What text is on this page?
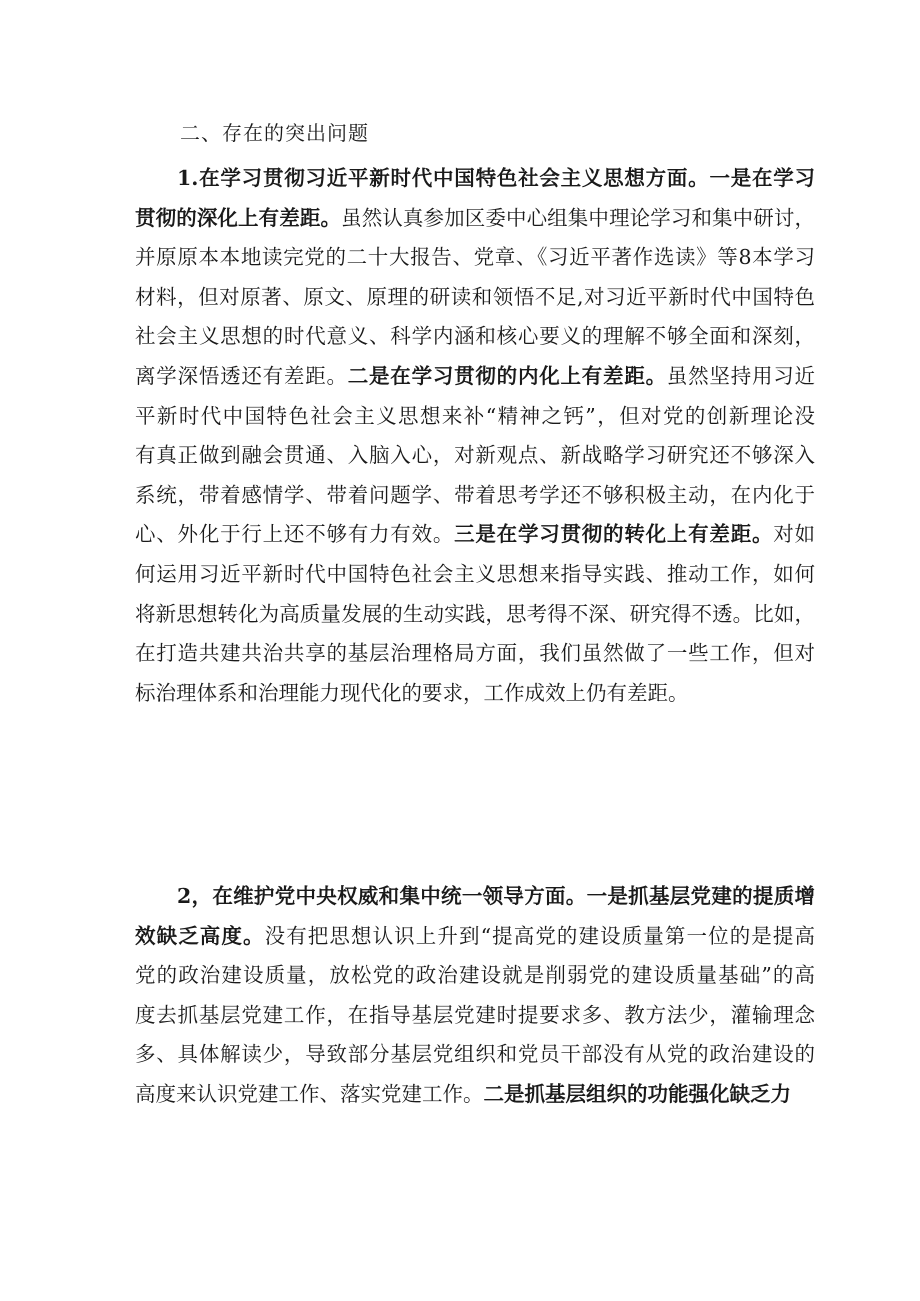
二、存在的突出问题
1.在学习贯彻习近平新时代中国特色社会主义思想方面。一是在学习
贯彻的深化上有差距。虽然认真参加区委中心组集中理论学习和集中研讨，
并原原本本地读完党的二十大报告、党章、《习近平著作选读》等8本学习
材料，但对原著、原文、原理的研读和领悟不足,对习近平新时代中国特色
社会主义思想的时代意义、科学内涵和核心要义的理解不够全面和深刻，
离学深悟透还有差距。二是在学习贯彻的内化上有差距。虽然坚持用习近
平新时代中国特色社会主义思想来补“精神之钙”，但对党的创新理论没
有真正做到融会贯通、入脑入心，对新观点、新战略学习研究还不够深入
系统，带着感情学、带着问题学、带着思考学还不够积极主动，在内化于
心、外化于行上还不够有力有效。三是在学习贯彻的转化上有差距。对如
何运用习近平新时代中国特色社会主义思想来指导实践、推动工作，如何
将新思想转化为高质量发展的生动实践，思考得不深、研究得不透。比如，
在打造共建共治共享的基层治理格局方面，我们虽然做了一些工作，但对
标治理体系和治理能力现代化的要求，工作成效上仍有差距。
2，在维护党中央权威和集中统一领导方面。一是抓基层党建的提质增
效缺乏高度。没有把思想认识上升到“提高党的建设质量第一位的是提高
党的政治建设质量，放松党的政治建设就是削弱党的建设质量基础”的高
度去抓基层党建工作，在指导基层党建时提要求多、教方法少，灌输理念
多、具体解读少，导致部分基层党组织和党员干部没有从党的政治建设的
高度来认识党建工作、落实党建工作。二是抓基层组织的功能强化缺乏力
